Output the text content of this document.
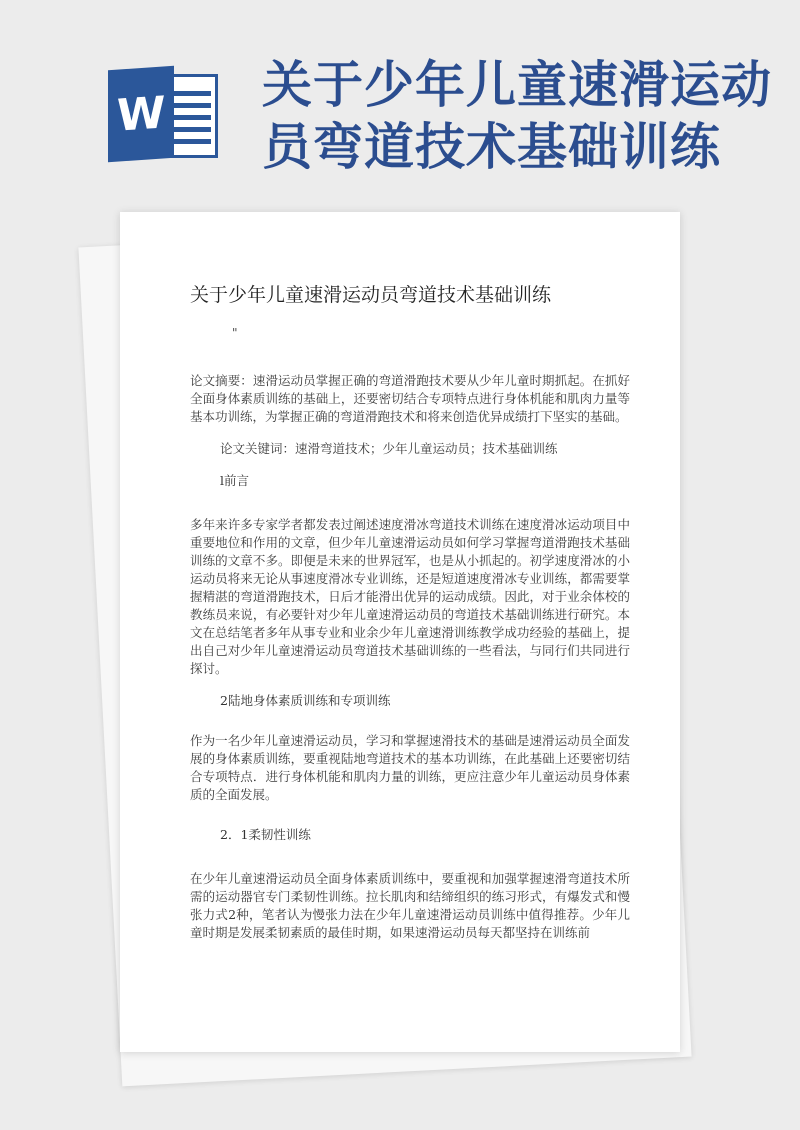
W
关于少年儿童速滑运动
员弯道技术基础训练
关于少年儿童速滑运动员弯道技术基础训练
"

论文摘要：速滑运动员掌握正确的弯道滑跑技术要从少年儿童时期抓起。在抓好全面身体素质训练的基础上，还要密切结合专项特点进行身体机能和肌肉力量等基本功训练，为掌握正确的弯道滑跑技术和将来创造优异成绩打下坚实的基础。

论文关键词：速滑弯道技术；少年儿童运动员；技术基础训练

l前言

多年来许多专家学者都发表过阐述速度滑冰弯道技术训练在速度滑冰运动项目中重要地位和作用的文章，但少年儿童速滑运动员如何学习掌握弯道滑跑技术基础训练的文章不多。即便是未来的世界冠军，也是从小抓起的。初学速度滑冰的小运动员将来无论从事速度滑冰专业训练，还是短道速度滑冰专业训练，都需要掌握精湛的弯道滑跑技术，日后才能滑出优异的运动成绩。因此，对于业余体校的教练员来说，有必要针对少年儿童速滑运动员的弯道技术基础训练进行研究。本文在总结笔者多年从事专业和业余少年儿童速滑训练教学成功经验的基础上，提出自己对少年儿童速滑运动员弯道技术基础训练的一些看法，与同行们共同进行探讨。

2陆地身体素质训练和专项训练

作为一名少年儿童速滑运动员，学习和掌握速滑技术的基础是速滑运动员全面发展的身体素质训练，要重视陆地弯道技术的基本功训练，在此基础上还要密切结合专项特点．进行身体机能和肌肉力量的训练，更应注意少年儿童运动员身体素质的全面发展。

2．1柔韧性训练

在少年儿童速滑运动员全面身体素质训练中，要重视和加强掌握速滑弯道技术所需的运动器官专门柔韧性训练。拉长肌肉和结缔组织的练习形式，有爆发式和慢张力式2种，笔者认为慢张力法在少年儿童速滑运动员训练中值得推荐。少年儿童时期是发展柔韧素质的最佳时期，如果速滑运动员每天都坚持在训练前
